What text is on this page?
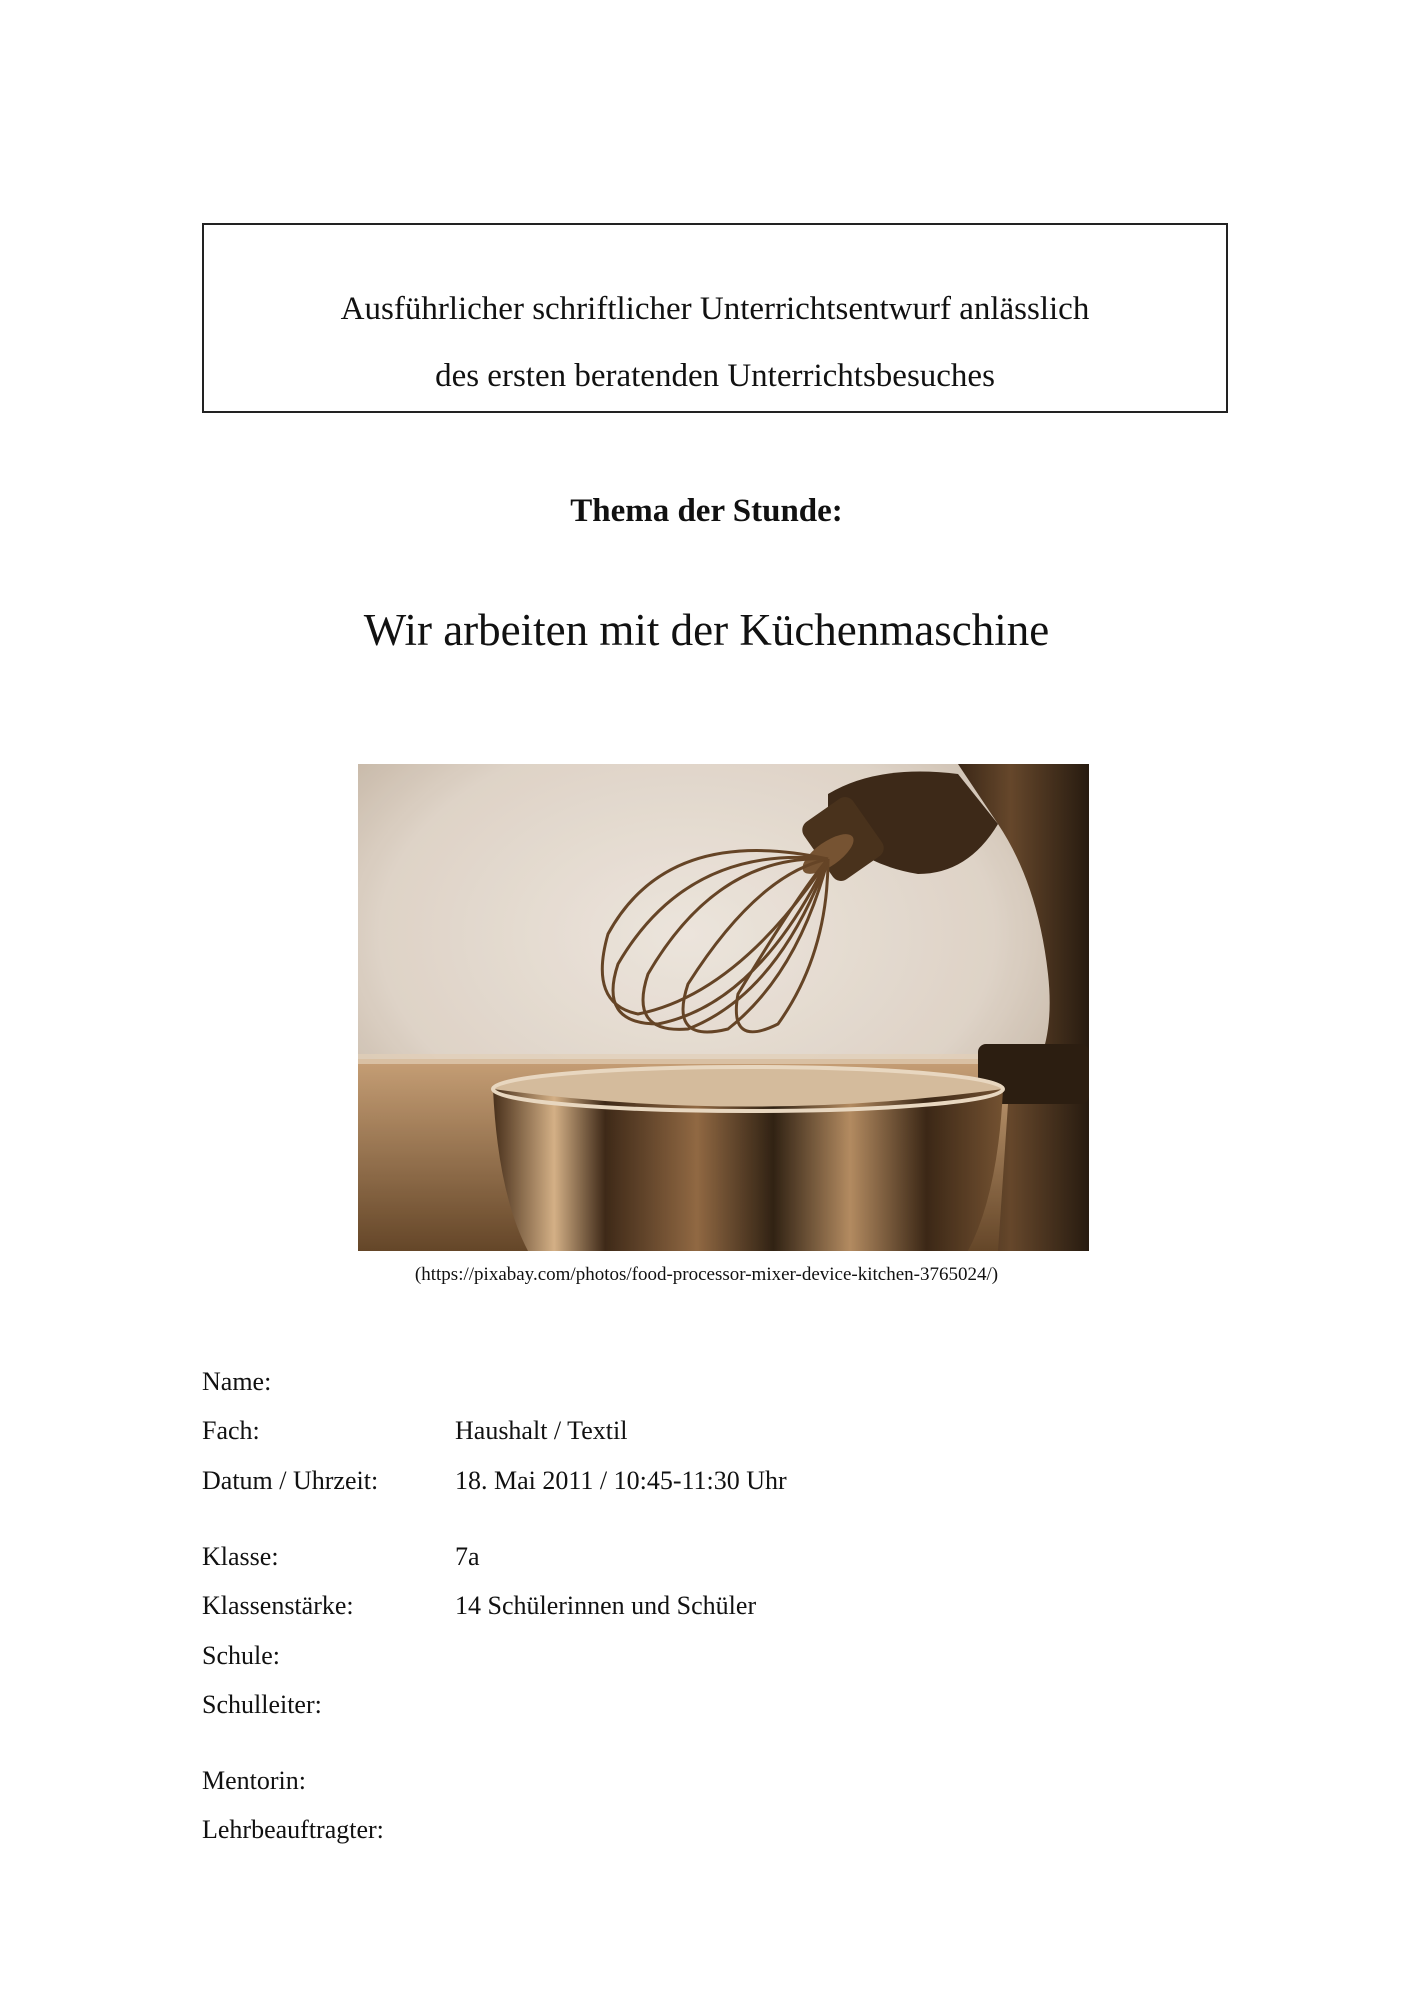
Ausführlicher schriftlicher Unterrichtsentwurf anlässlich
des ersten beratenden Unterrichtsbesuches
Thema der Stunde:
Wir arbeiten mit der Küchenmaschine
(https://pixabay.com/photos/food-processor-mixer-device-kitchen-3765024/)
Name:
Fach:	Haushalt / Textil
Datum / Uhrzeit:	18. Mai 2011 / 10:45-11:30 Uhr
Klasse:	7a
Klassenstärke:	14 Schülerinnen und Schüler
Schule:
Schulleiter:
Mentorin:
Lehrbeauftragter:
